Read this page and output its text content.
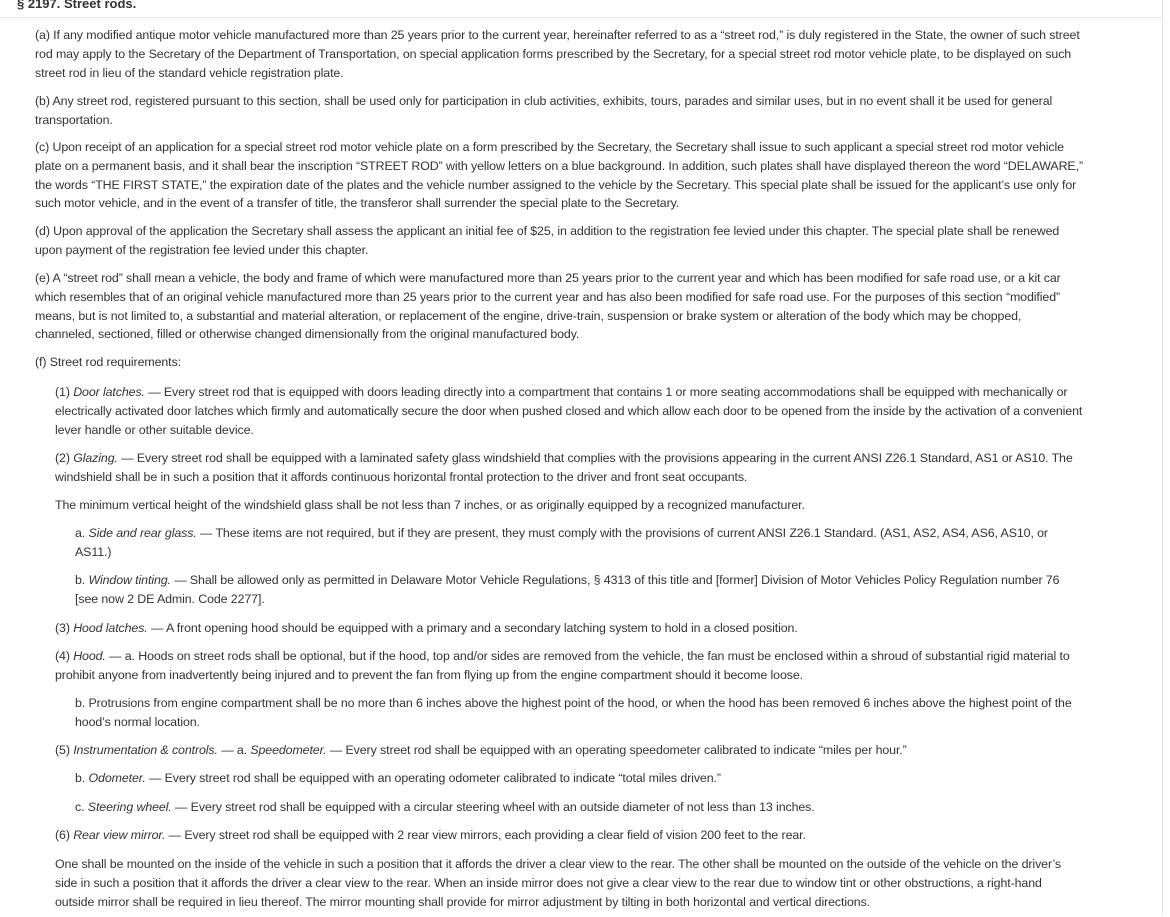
§ 2197. Street rods.
(a) If any modified antique motor vehicle manufactured more than 25 years prior to the current year, hereinafter referred to as a “street rod,” is duly registered in the State, the owner of such street
rod may apply to the Secretary of the Department of Transportation, on special application forms prescribed by the Secretary, for a special street rod motor vehicle plate, to be displayed on such
street rod in lieu of the standard vehicle registration plate.
(b) Any street rod, registered pursuant to this section, shall be used only for participation in club activities, exhibits, tours, parades and similar uses, but in no event shall it be used for general
transportation.
(c) Upon receipt of an application for a special street rod motor vehicle plate on a form prescribed by the Secretary, the Secretary shall issue to such applicant a special street rod motor vehicle
plate on a permanent basis, and it shall bear the inscription “STREET ROD” with yellow letters on a blue background. In addition, such plates shall have displayed thereon the word “DELAWARE,”
the words “THE FIRST STATE,” the expiration date of the plates and the vehicle number assigned to the vehicle by the Secretary. This special plate shall be issued for the applicant’s use only for
such motor vehicle, and in the event of a transfer of title, the transferor shall surrender the special plate to the Secretary.
(d) Upon approval of the application the Secretary shall assess the applicant an initial fee of $25, in addition to the registration fee levied under this chapter. The special plate shall be renewed
upon payment of the registration fee levied under this chapter.
(e) A “street rod” shall mean a vehicle, the body and frame of which were manufactured more than 25 years prior to the current year and which has been modified for safe road use, or a kit car
which resembles that of an original vehicle manufactured more than 25 years prior to the current year and has also been modified for safe road use. For the purposes of this section “modified”
means, but is not limited to, a substantial and material alteration, or replacement of the engine, drive-train, suspension or brake system or alteration of the body which may be chopped,
channeled, sectioned, filled or otherwise changed dimensionally from the original manufactured body.
(f) Street rod requirements:
(1) Door latches. — Every street rod that is equipped with doors leading directly into a compartment that contains 1 or more seating accommodations shall be equipped with mechanically or
electrically activated door latches which firmly and automatically secure the door when pushed closed and which allow each door to be opened from the inside by the activation of a convenient
lever handle or other suitable device.
(2) Glazing. — Every street rod shall be equipped with a laminated safety glass windshield that complies with the provisions appearing in the current ANSI Z26.1 Standard, AS1 or AS10. The
windshield shall be in such a position that it affords continuous horizontal frontal protection to the driver and front seat occupants.
The minimum vertical height of the windshield glass shall be not less than 7 inches, or as originally equipped by a recognized manufacturer.
a. Side and rear glass. — These items are not required, but if they are present, they must comply with the provisions of current ANSI Z26.1 Standard. (AS1, AS2, AS4, AS6, AS10, or
AS11.)
b. Window tinting. — Shall be allowed only as permitted in Delaware Motor Vehicle Regulations, § 4313 of this title and [former] Division of Motor Vehicles Policy Regulation number 76
[see now 2 DE Admin. Code 2277].
(3) Hood latches. — A front opening hood should be equipped with a primary and a secondary latching system to hold in a closed position.
(4) Hood. — a. Hoods on street rods shall be optional, but if the hood, top and/or sides are removed from the vehicle, the fan must be enclosed within a shroud of substantial rigid material to
prohibit anyone from inadvertently being injured and to prevent the fan from flying up from the engine compartment should it become loose.
b. Protrusions from engine compartment shall be no more than 6 inches above the highest point of the hood, or when the hood has been removed 6 inches above the highest point of the
hood’s normal location.
(5) Instrumentation & controls. — a. Speedometer. — Every street rod shall be equipped with an operating speedometer calibrated to indicate “miles per hour.”
b. Odometer. — Every street rod shall be equipped with an operating odometer calibrated to indicate “total miles driven.”
c. Steering wheel. — Every street rod shall be equipped with a circular steering wheel with an outside diameter of not less than 13 inches.
(6) Rear view mirror. — Every street rod shall be equipped with 2 rear view mirrors, each providing a clear field of vision 200 feet to the rear.
One shall be mounted on the inside of the vehicle in such a position that it affords the driver a clear view to the rear. The other shall be mounted on the outside of the vehicle on the driver’s
side in such a position that it affords the driver a clear view to the rear. When an inside mirror does not give a clear view to the rear due to window tint or other obstructions, a right-hand
outside mirror shall be required in lieu thereof. The mirror mounting shall provide for mirror adjustment by tilting in both horizontal and vertical directions.
